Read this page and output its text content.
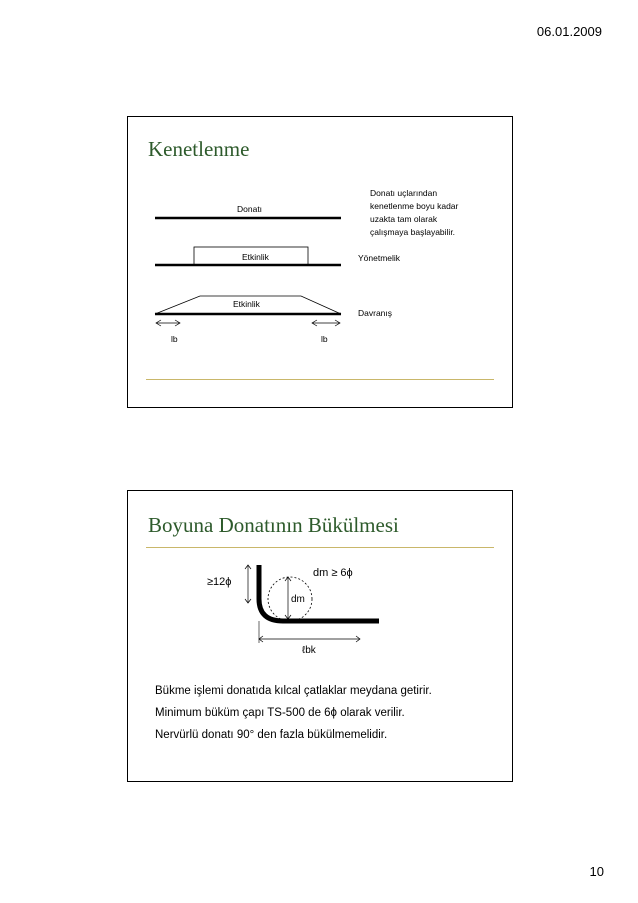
06.01.2009
Kenetlenme
Donatı
Etkinlik
Etkinlik
lb	lb
Donatı uçlarından
kenetlenme boyu kadar
uzakta tam olarak
çalışmaya başlayabilir.
Yönetmelik
Davranış
Boyuna Donatının Bükülmesi
≥12ϕ
dm
dm ≥ 6ϕ
ℓbk
Bükme işlemi donatıda kılcal çatlaklar meydana getirir.
Minimum büküm çapı TS-500 de 6ϕ olarak verilir.
Nervürlü donatı 90° den fazla bükülmemelidir.
10
